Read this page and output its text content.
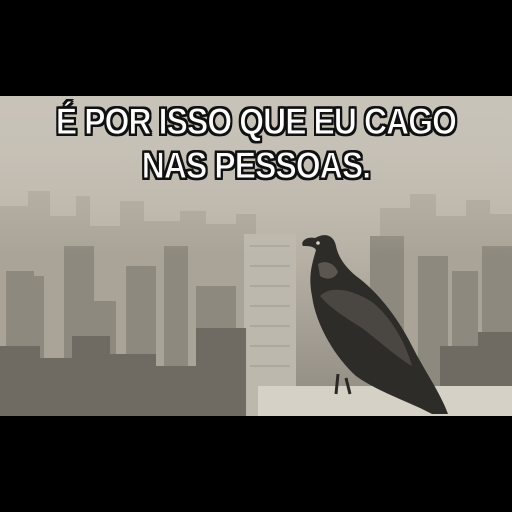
É POR ISSO QUE EU CAGO
NAS PESSOAS.
